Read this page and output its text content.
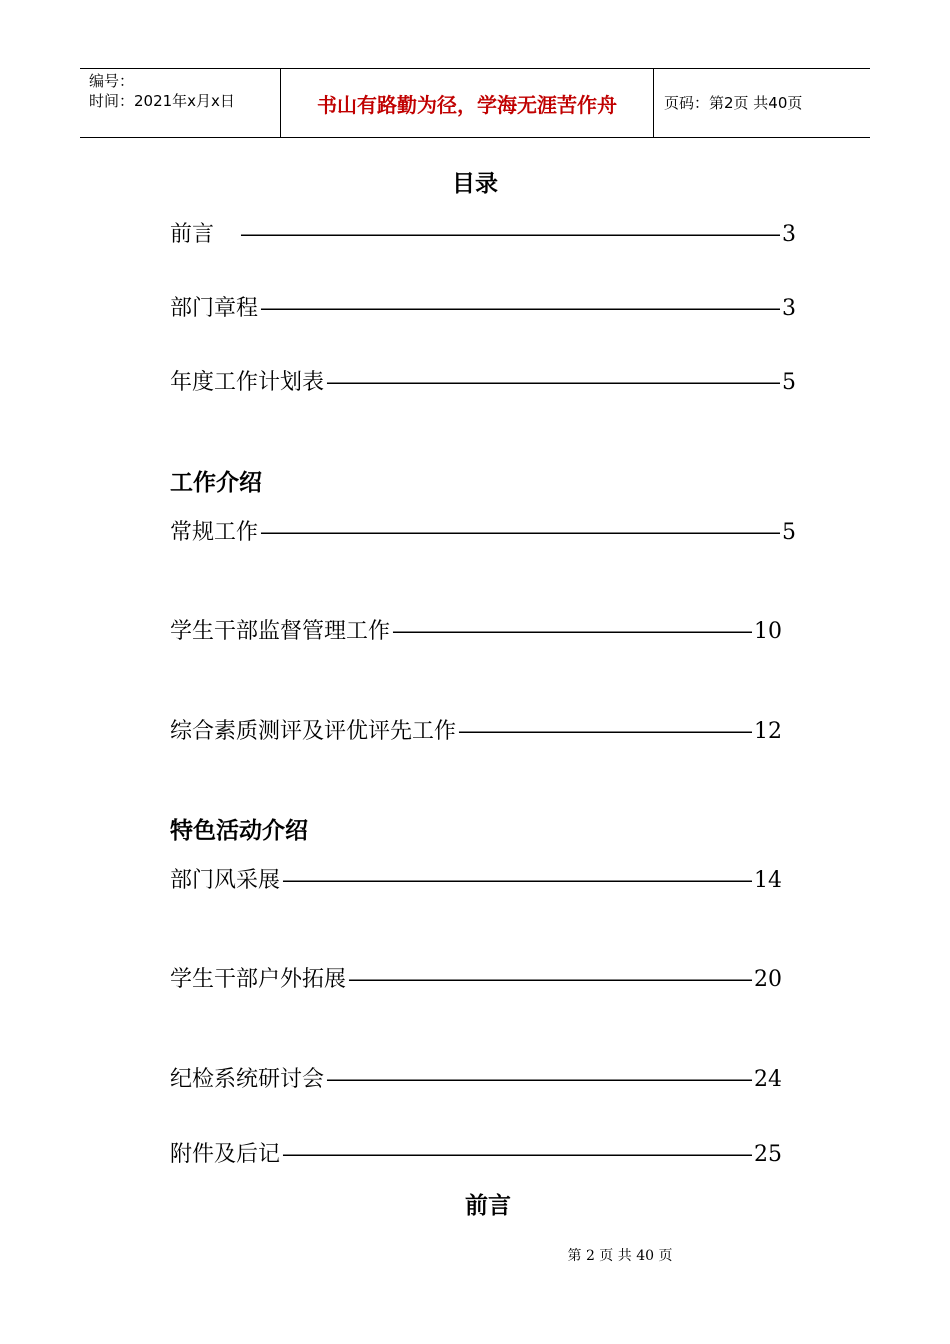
编号：
时间：2021年x月x日	书山有路勤为径，学海无涯苦作舟	页码：第2页 共40页
目录
前言 —————	3
部门章程 —————	3
年度工作计划表 —————	5
工作介绍
常规工作 —————	5
学生干部监督管理工作 —————	10
综合素质测评及评优评先工作 —————	12
特色活动介绍
部门风采展 —————	14
学生干部户外拓展 —————	20
纪检系统研讨会 —————	24
附件及后记 —————	25
前言
第 2 页 共 40 页
